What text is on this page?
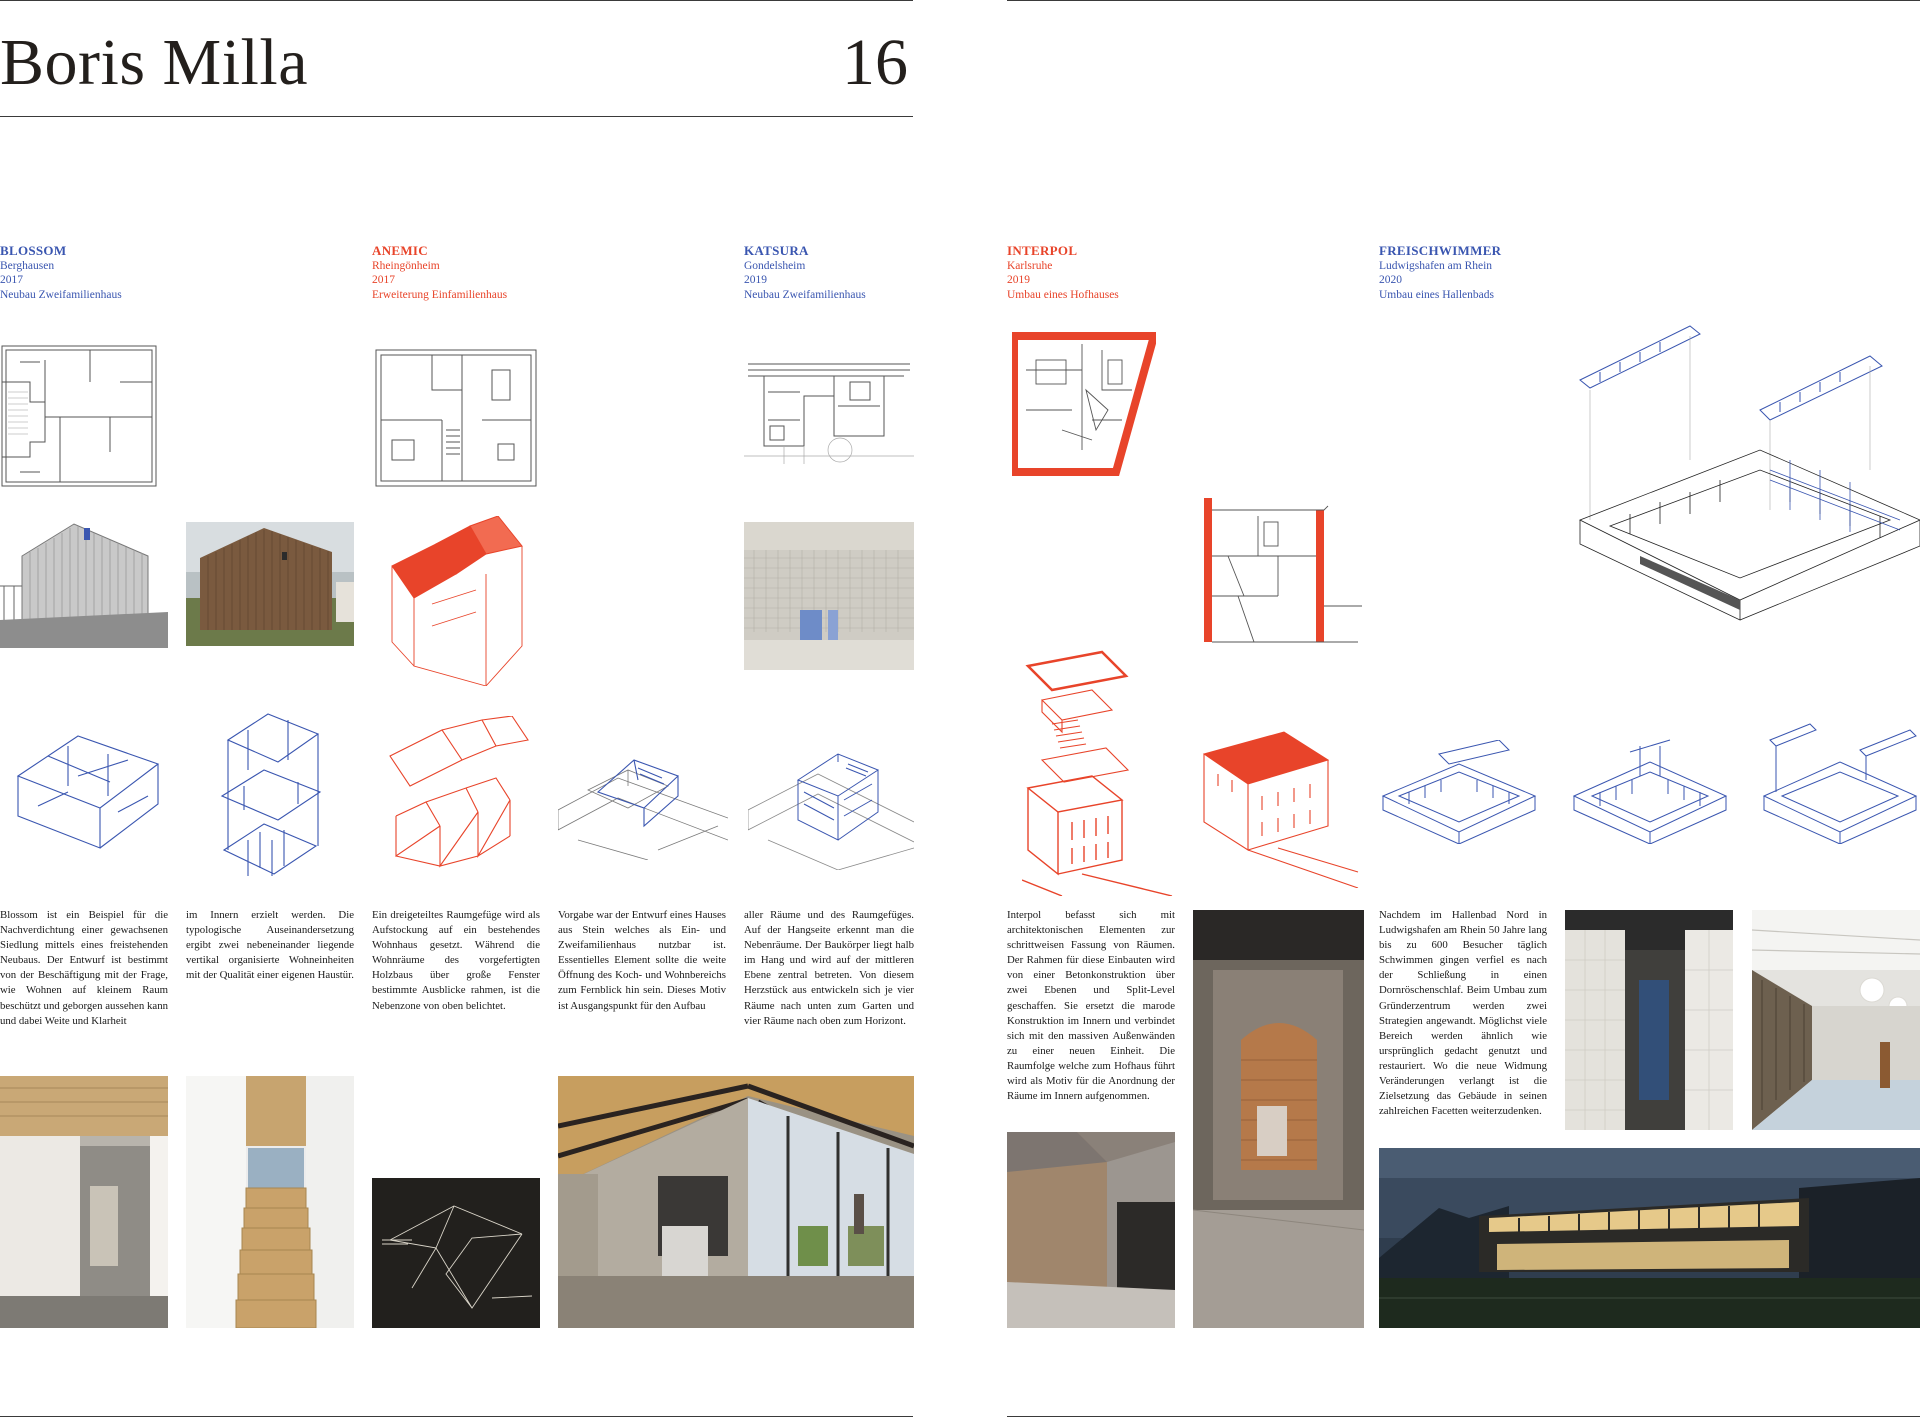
Boris Milla	16
BLOSSOM
Berghausen
2017
Neubau Zweifamilienhaus
ANEMIC
Rheingönheim
2017
Erweiterung Einfamilienhaus
KATSURA
Gondelsheim
2019
Neubau Zweifamilienhaus
INTERPOL
Karlsruhe
2019
Umbau eines Hofhauses
FREISCHWIMMER
Ludwigshafen am Rhein
2020
Umbau eines Hallenbads
Blossom ist ein Beispiel für die Nachverdichtung einer gewachsenen Siedlung mittels eines freistehenden Neubaus. Der Entwurf ist bestimmt von der Beschäftigung mit der Frage, wie Wohnen auf kleinem Raum beschützt und geborgen aussehen kann und dabei Weite und Klarheit
im Innern erzielt werden. Die typologische Auseinandersetzung ergibt zwei nebeneinander liegende vertikal organisierte Wohneinheiten mit der Qualität einer eigenen Haustür.
Ein dreigeteiltes Raumgefüge wird als Aufstockung auf ein bestehendes Wohnhaus gesetzt. Während die Wohnräume des vorgefertigten Holzbaus über große Fenster bestimmte Ausblicke rahmen, ist die Nebenzone von oben belichtet.
Vorgabe war der Entwurf eines Hauses aus Stein welches als Ein- und Zweifamilienhaus nutzbar ist. Essentielles Element sollte die weite Öffnung des Koch- und Wohnbereichs zum Fernblick hin sein. Dieses Motiv ist Ausgangspunkt für den Aufbau
aller Räume und des Raumgefüges. Auf der Hangseite erkennt man die Nebenräume. Der Baukörper liegt halb im Hang und wird auf der mittleren Ebene zentral betreten. Von diesem Herzstück aus entwickeln sich je vier Räume nach unten zum Garten und vier Räume nach oben zum Horizont.
Interpol befasst sich mit architektonischen Elementen zur schrittweisen Fassung von Räumen. Der Rahmen für diese Einbauten wird von einer Betonkonstruktion über zwei Ebenen und Split-Level geschaffen. Sie ersetzt die marode Konstruktion im Innern und verbindet sich mit den massiven Außenwänden zu einer neuen Einheit. Die Raumfolge welche zum Hofhaus führt wird als Motiv für die Anordnung der Räume im Innern aufgenommen.
Nachdem im Hallenbad Nord in Ludwigshafen am Rhein 50 Jahre lang bis zu 600 Besucher täglich Schwimmen gingen verfiel es nach der Schließung in einen Dornröschenschlaf. Beim Umbau zum Gründerzentrum werden zwei Strategien angewandt. Möglichst viele Bereich werden ähnlich wie ursprünglich gedacht genutzt und restauriert. Wo die neue Widmung Veränderungen verlangt ist die Zielsetzung das Gebäude in seinen zahlreichen Facetten weiterzudenken.
